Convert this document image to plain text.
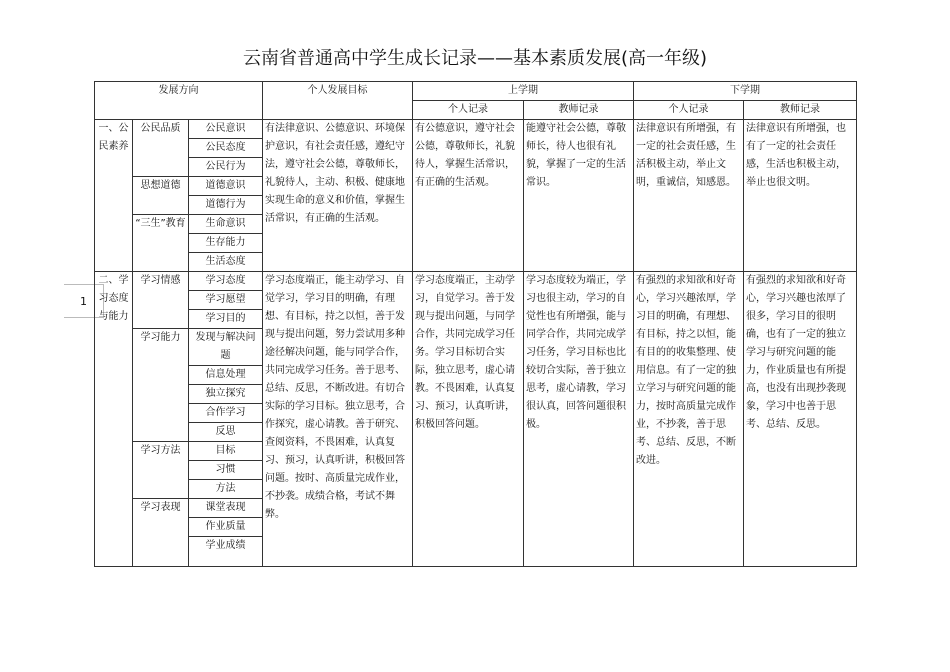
云南省普通高中学生成长记录——基本素质发展(高一年级)
1
发展方向			个人发展目标	上学期		下学期	
				个人记录	教师记录	个人记录	教师记录
一、公民素养	公民品质	公民意识	有法律意识、公德意识、环境保护意识，有社会责任感，遵纪守法，遵守社会公德，尊敬师长，礼貌待人，主动、积极、健康地实现生命的意义和价值，掌握生活常识，有正确的生活观。	有公德意识，遵守社会公德，尊敬师长，礼貌待人，掌握生活常识，有正确的生活观。	能遵守社会公德，尊敬师长，待人也很有礼貌，掌握了一定的生活常识。	法律意识有所增强，有一定的社会责任感，生活积极主动，举止文明，重诚信，知感恩。	法律意识有所增强，也有了一定的社会责任感，生活也积极主动，举止也很文明。
		公民态度					
		公民行为					
	思想道德	道德意识					
		道德行为					
	“三生”教育	生命意识					
		生存能力					
		生活态度					
二、学习态度与能力	学习情感	学习态度	学习态度端正，能主动学习、自觉学习，学习目的明确，有理想、有目标，持之以恒，善于发现与提出问题，努力尝试用多种途径解决问题，能与同学合作，共同完成学习任务。善于思考、总结、反思，不断改进。有切合实际的学习目标。独立思考，合作探究，虚心请教。善于研究、查阅资料，不畏困难，认真复习、预习，认真听讲，积极回答问题。按时、高质量完成作业，不抄袭。成绩合格，考试不舞弊。	学习态度端正，主动学习，自觉学习。善于发现与提出问题，与同学合作，共同完成学习任务。学习目标切合实际，独立思考，虚心请教。不畏困难，认真复习、预习，认真听讲，积极回答问题。	学习态度较为端正，学习也很主动，学习的自觉性也有所增强，能与同学合作，共同完成学习任务，学习目标也比较切合实际，善于独立思考，虚心请教，学习很认真，回答问题很积极。	有强烈的求知欲和好奇心，学习兴趣浓厚，学习目的明确，有理想、有目标，持之以恒，能有目的的收集整理、使用信息。有了一定的独立学习与研究问题的能力，按时高质量完成作业，不抄袭，善于思考、总结、反思，不断改进。	有强烈的求知欲和好奇心，学习兴趣也浓厚了很多，学习目的很明确，也有了一定的独立学习与研究问题的能力，作业质量也有所提高，也没有出现抄袭现象，学习中也善于思考、总结、反思。
		学习愿望					
		学习目的					
	学习能力	发现与解决问题					
		信息处理					
		独立探究					
		合作学习					
		反思					
	学习方法	目标					
		习惯					
		方法					
	学习表现	课堂表现					
		作业质量					
		学业成绩					
